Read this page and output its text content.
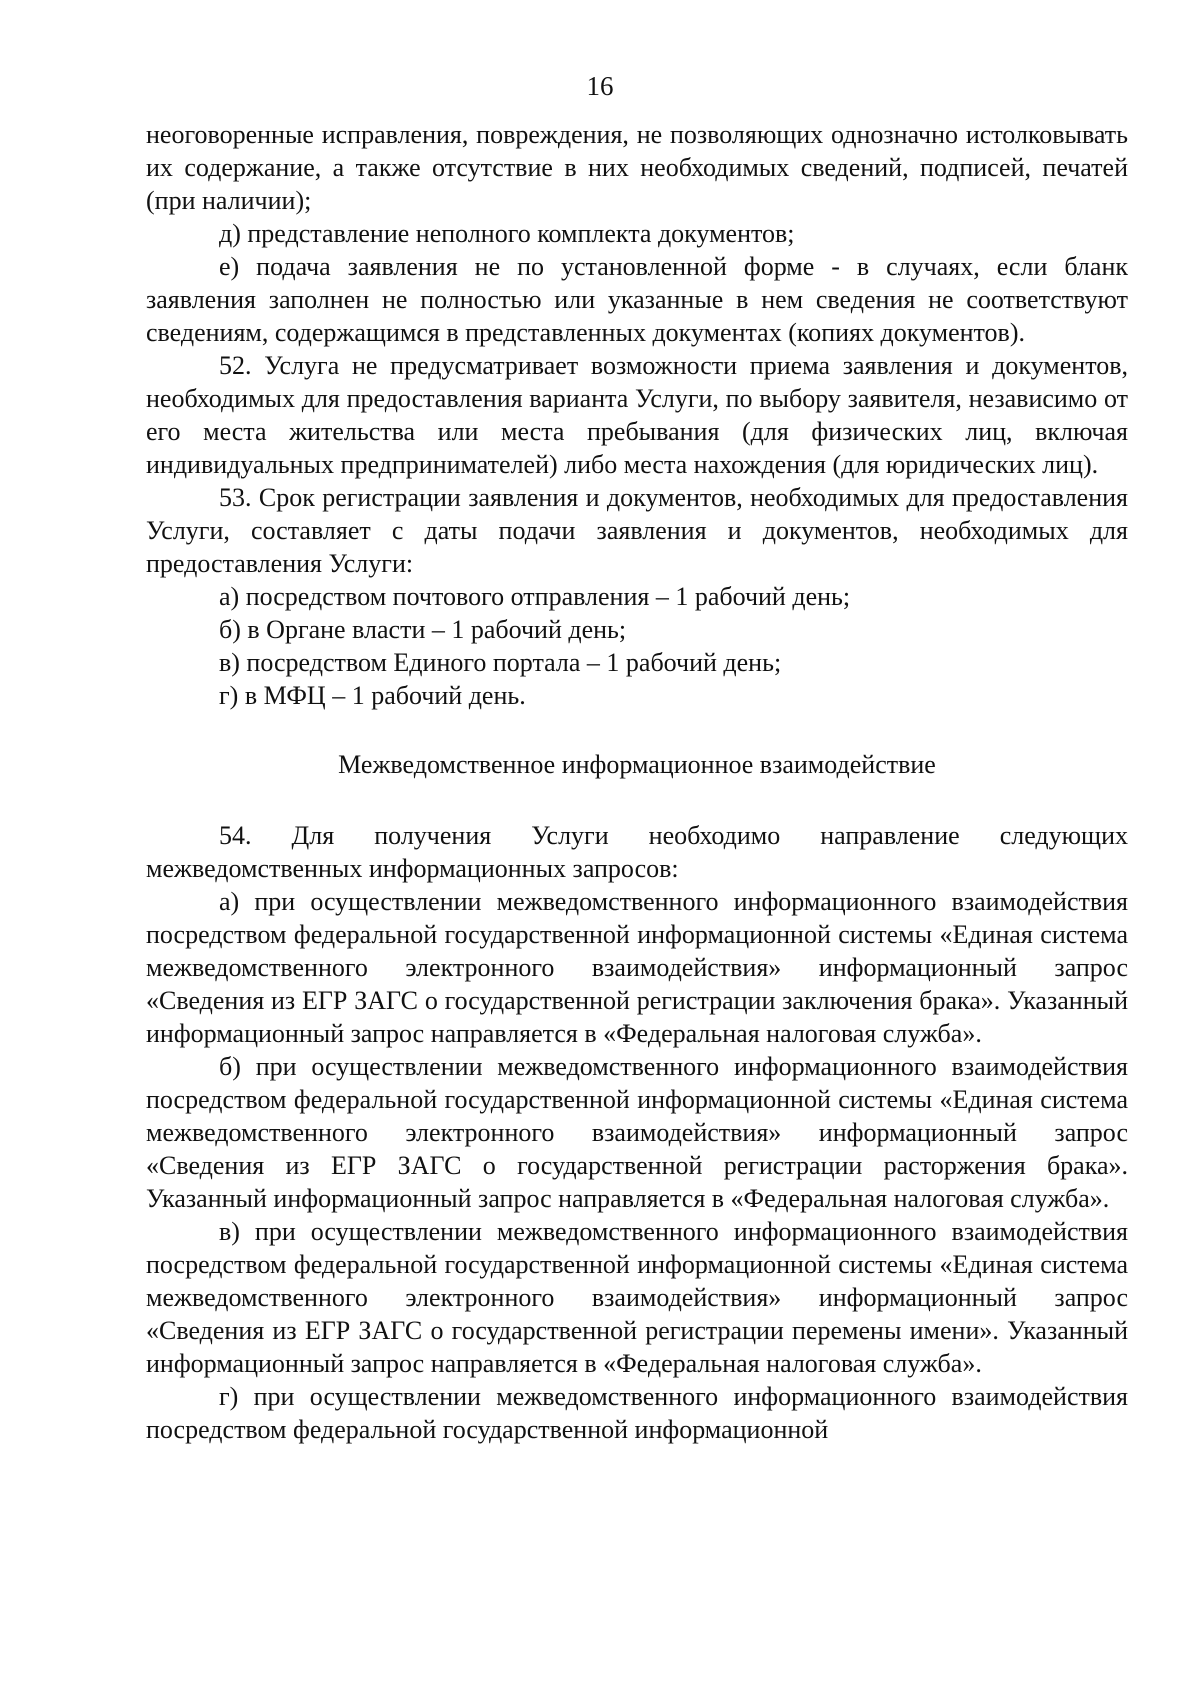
16

неоговоренные исправления, повреждения, не позволяющих однозначно истолковывать их содержание, а также отсутствие в них необходимых сведений, подписей, печатей (при наличии);

д) представление неполного комплекта документов;

е) подача заявления не по установленной форме - в случаях, если бланк заявления заполнен не полностью или указанные в нем сведения не соответствуют сведениям, содержащимся в представленных документах (копиях документов).

52. Услуга не предусматривает возможности приема заявления и документов, необходимых для предоставления варианта Услуги, по выбору заявителя, независимо от его места жительства или места пребывания (для физических лиц, включая индивидуальных предпринимателей) либо места нахождения (для юридических лиц).

53. Срок регистрации заявления и документов, необходимых для предоставления Услуги, составляет с даты подачи заявления и документов, необходимых для предоставления Услуги:

а) посредством почтового отправления – 1 рабочий день;

б) в Органе власти – 1 рабочий день;

в) посредством Единого портала – 1 рабочий день;

г) в МФЦ – 1 рабочий день.

Межведомственное информационное взаимодействие

54. Для получения Услуги необходимо направление следующих межведомственных информационных запросов:

а) при осуществлении межведомственного информационного взаимодействия посредством федеральной государственной информационной системы «Единая система межведомственного электронного взаимодействия» информационный запрос «Сведения из ЕГР ЗАГС о государственной регистрации заключения брака». Указанный информационный запрос направляется в «Федеральная налоговая служба».

б) при осуществлении межведомственного информационного взаимодействия посредством федеральной государственной информационной системы «Единая система межведомственного электронного взаимодействия» информационный запрос «Сведения из ЕГР ЗАГС о государственной регистрации расторжения брака». Указанный информационный запрос направляется в «Федеральная налоговая служба».

в) при осуществлении межведомственного информационного взаимодействия посредством федеральной государственной информационной системы «Единая система межведомственного электронного взаимодействия» информационный запрос «Сведения из ЕГР ЗАГС о государственной регистрации перемены имени». Указанный информационный запрос направляется в «Федеральная налоговая служба».

г) при осуществлении межведомственного информационного взаимодействия посредством федеральной государственной информационной
